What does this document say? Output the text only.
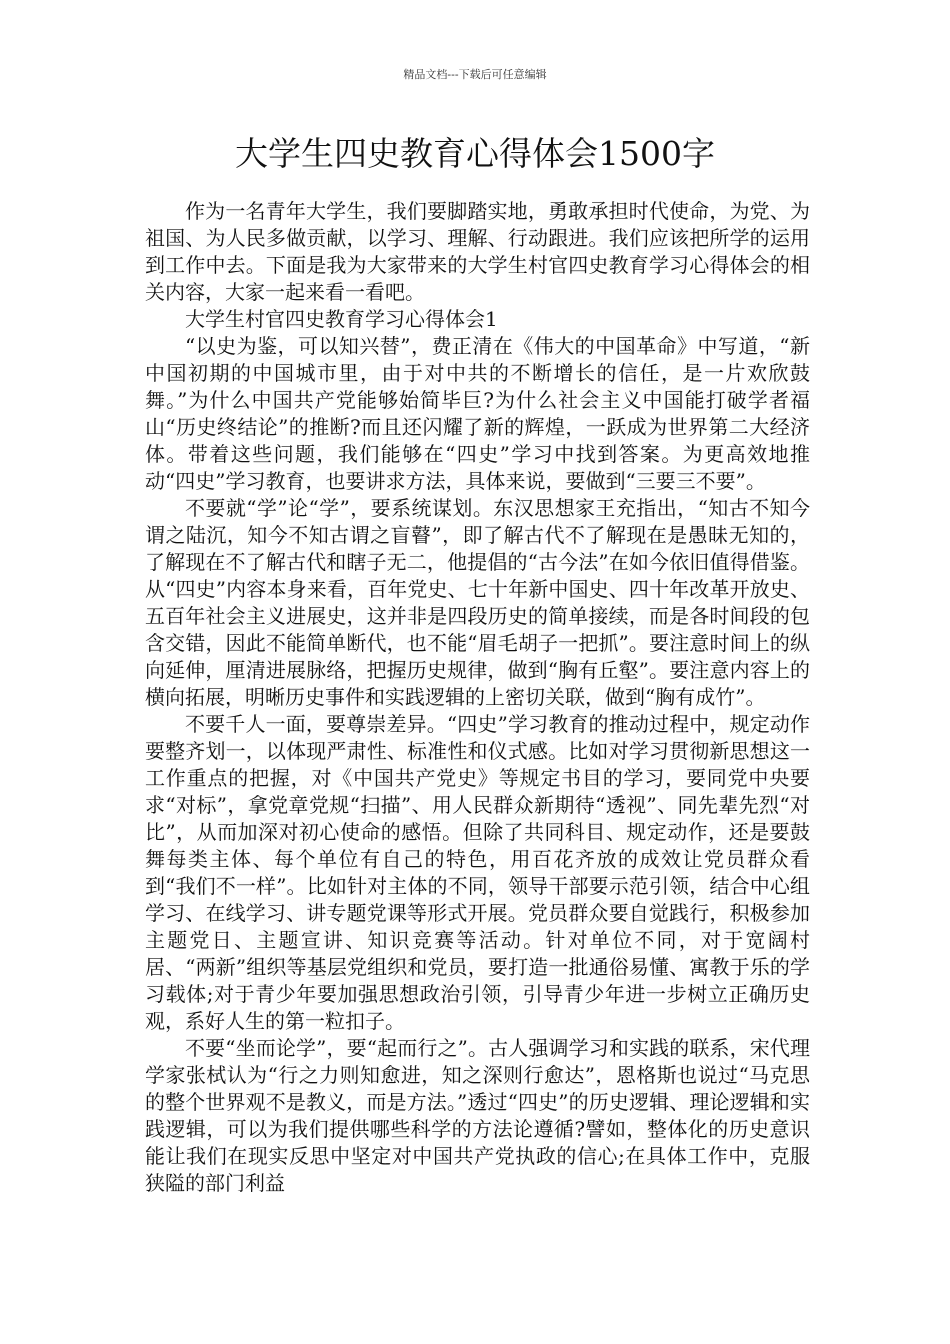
精品文档---下载后可任意编辑
大学生四史教育心得体会1500字

作为一名青年大学生，我们要脚踏实地，勇敢承担时代使命，为党、为祖国、为人民多做贡献，以学习、理解、行动跟进。我们应该把所学的运用到工作中去。下面是我为大家带来的大学生村官四史教育学习心得体会的相关内容，大家一起来看一看吧。

大学生村官四史教育学习心得体会1

“以史为鉴，可以知兴替”，费正清在《伟大的中国革命》中写道，“新中国初期的中国城市里，由于对中共的不断增长的信任，是一片欢欣鼓舞。”为什么中国共产党能够始简毕巨?为什么社会主义中国能打破学者福山“历史终结论”的推断?而且还闪耀了新的辉煌，一跃成为世界第二大经济体。带着这些问题，我们能够在“四史”学习中找到答案。为更高效地推动“四史”学习教育，也要讲求方法，具体来说，要做到“三要三不要”。

不要就“学”论“学”，要系统谋划。东汉思想家王充指出，“知古不知今谓之陆沉，知今不知古谓之盲瞽”，即了解古代不了解现在是愚昧无知的，了解现在不了解古代和瞎子无二，他提倡的“古今法”在如今依旧值得借鉴。从“四史”内容本身来看，百年党史、七十年新中国史、四十年改革开放史、五百年社会主义进展史，这并非是四段历史的简单接续，而是各时间段的包含交错，因此不能简单断代，也不能“眉毛胡子一把抓”。要注意时间上的纵向延伸，厘清进展脉络，把握历史规律，做到“胸有丘壑”。要注意内容上的横向拓展，明晰历史事件和实践逻辑的上密切关联，做到“胸有成竹”。

不要千人一面，要尊崇差异。“四史”学习教育的推动过程中，规定动作要整齐划一，以体现严肃性、标准性和仪式感。比如对学习贯彻新思想这一工作重点的把握，对《中国共产党史》等规定书目的学习，要同党中央要求“对标”，拿党章党规“扫描”、用人民群众新期待“透视”、同先辈先烈“对比”，从而加深对初心使命的感悟。但除了共同科目、规定动作，还是要鼓舞每类主体、每个单位有自己的特色，用百花齐放的成效让党员群众看到“我们不一样”。比如针对主体的不同，领导干部要示范引领，结合中心组学习、在线学习、讲专题党课等形式开展。党员群众要自觉践行，积极参加主题党日、主题宣讲、知识竞赛等活动。针对单位不同，对于宽阔村居、“两新”组织等基层党组织和党员，要打造一批通俗易懂、寓教于乐的学习载体;对于青少年要加强思想政治引领，引导青少年进一步树立正确历史观，系好人生的第一粒扣子。

不要“坐而论学”，要“起而行之”。古人强调学习和实践的联系，宋代理学家张栻认为“行之力则知愈进，知之深则行愈达”，恩格斯也说过“马克思的整个世界观不是教义，而是方法。”透过“四史”的历史逻辑、理论逻辑和实践逻辑，可以为我们提供哪些科学的方法论遵循?譬如，整体化的历史意识能让我们在现实反思中坚定对中国共产党执政的信心;在具体工作中，克服狭隘的部门利益
